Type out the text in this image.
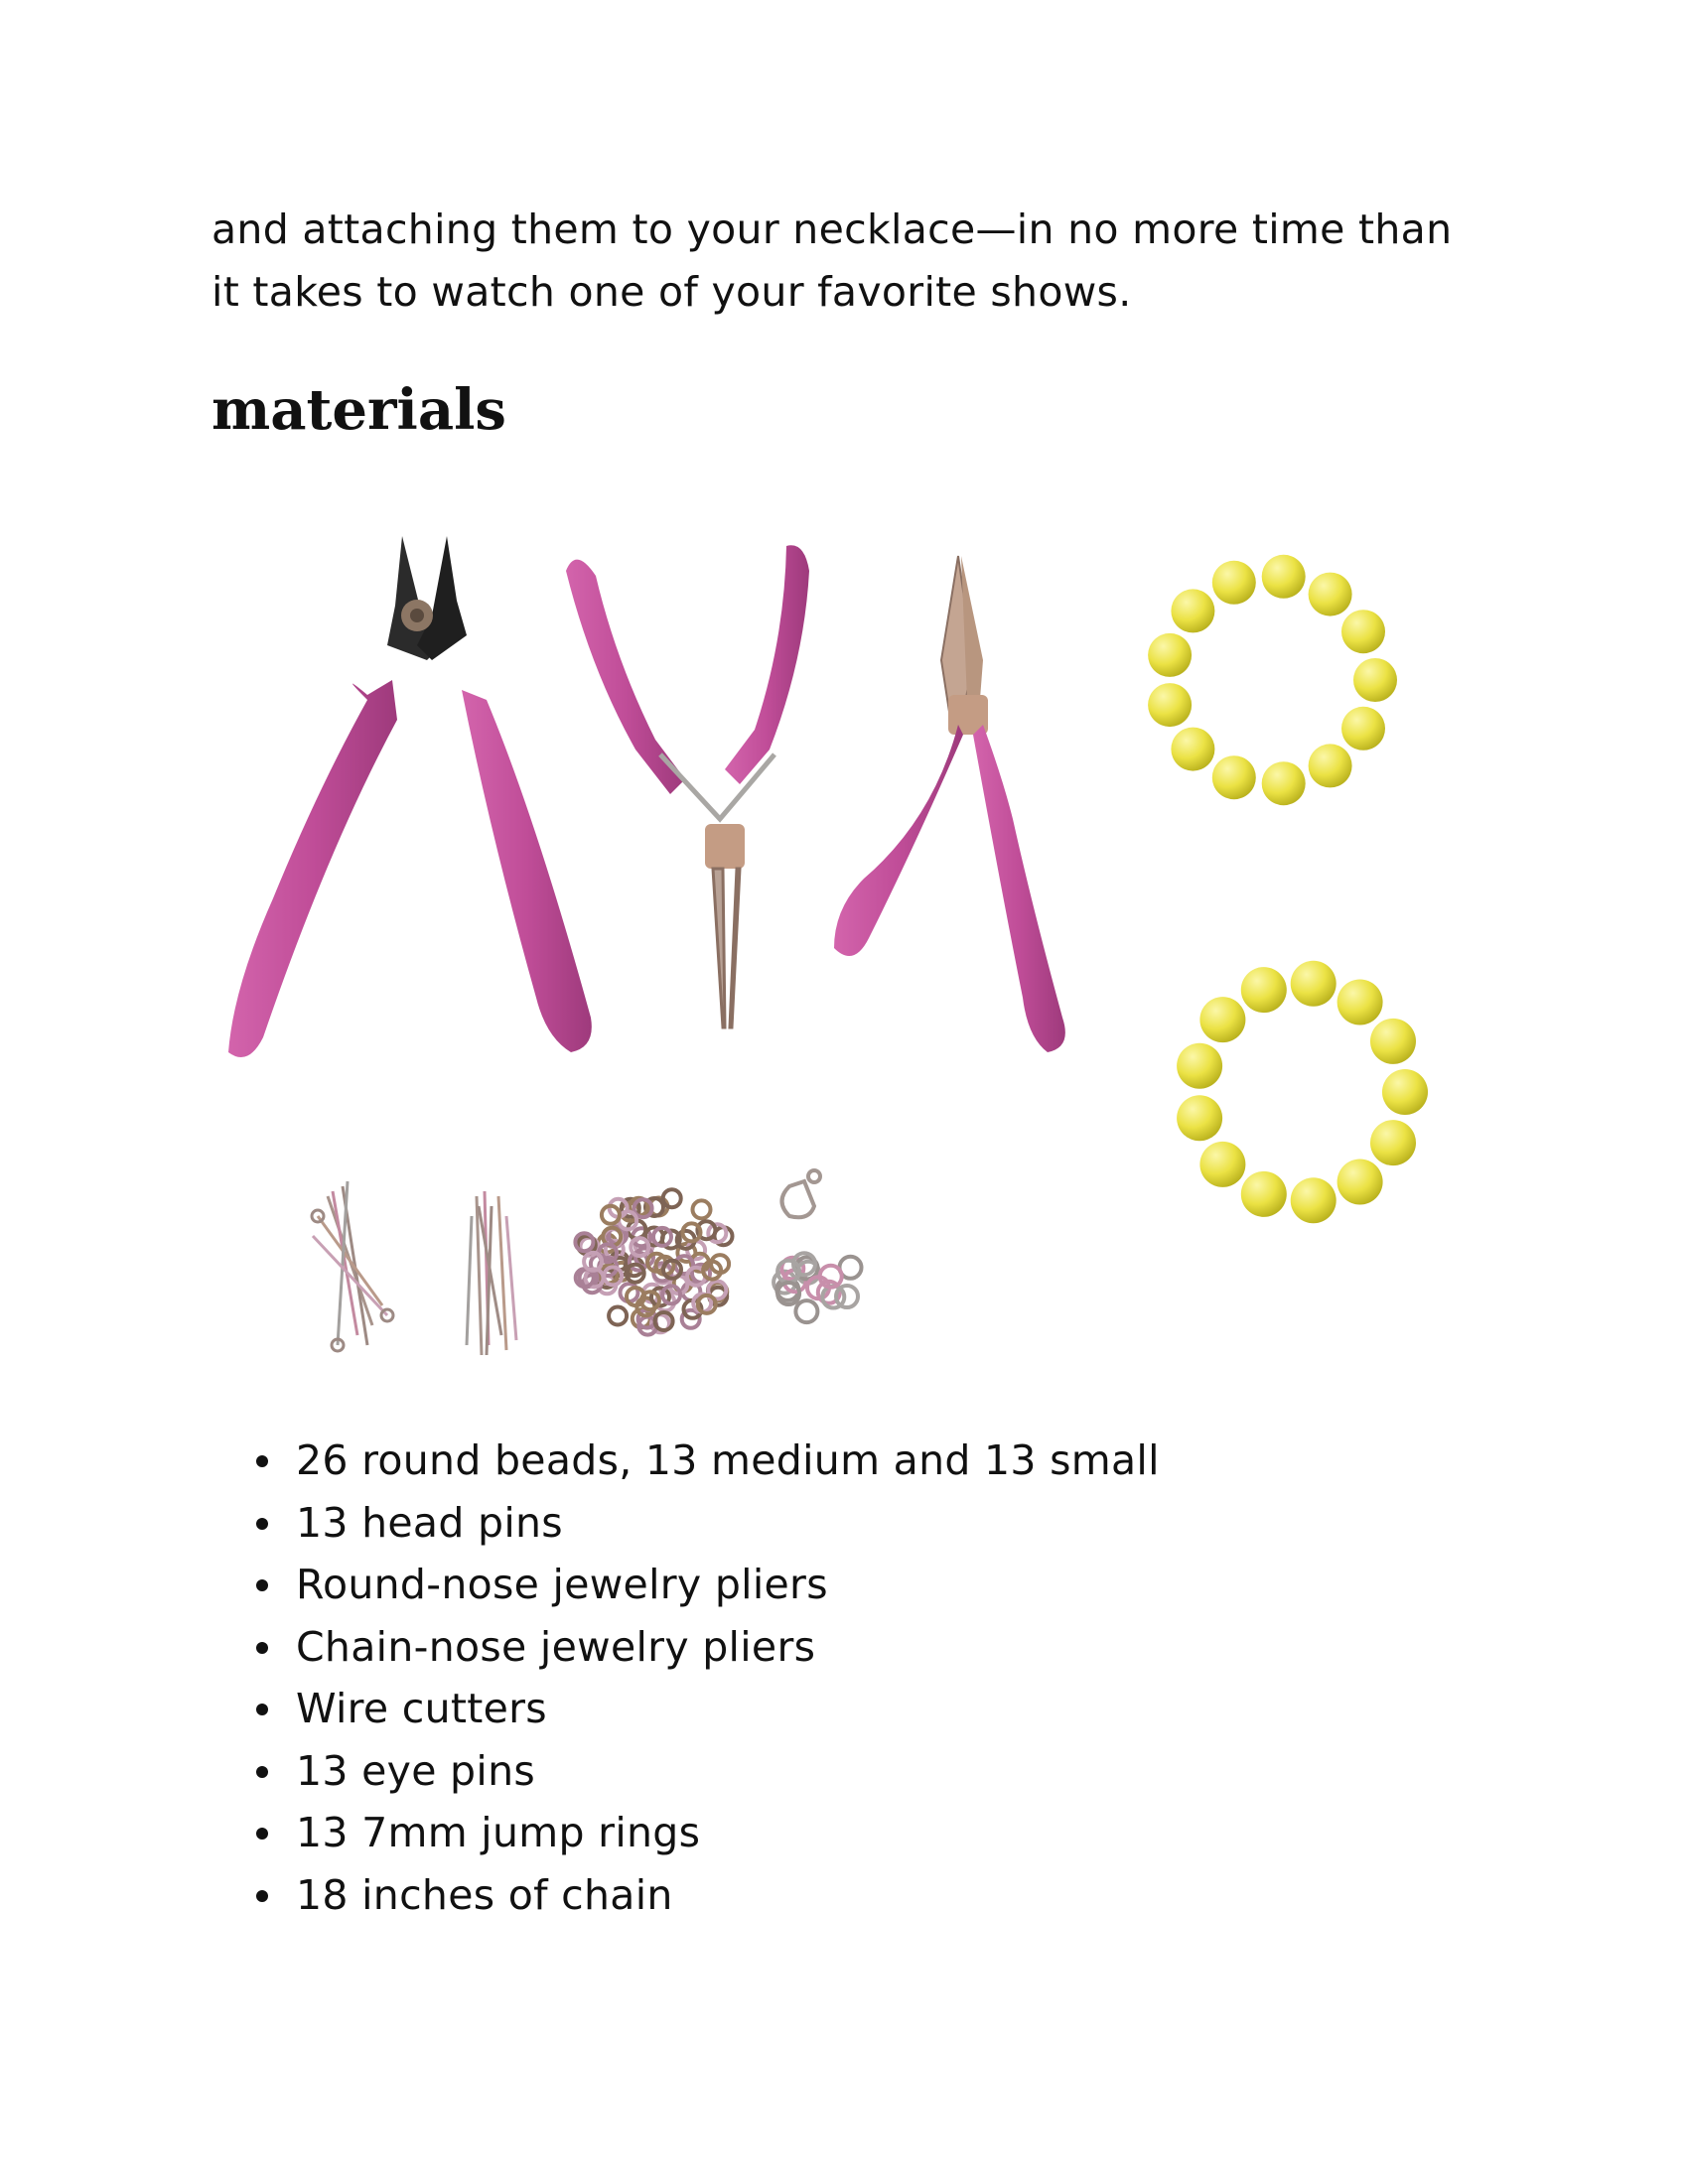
and attaching them to your necklace—in no more time than
it takes to watch one of your favorite shows.
materials
26 round beads, 13 medium and 13 small
13 head pins
Round-nose jewelry pliers
Chain-nose jewelry pliers
Wire cutters
13 eye pins
13 7mm jump rings
18 inches of chain
